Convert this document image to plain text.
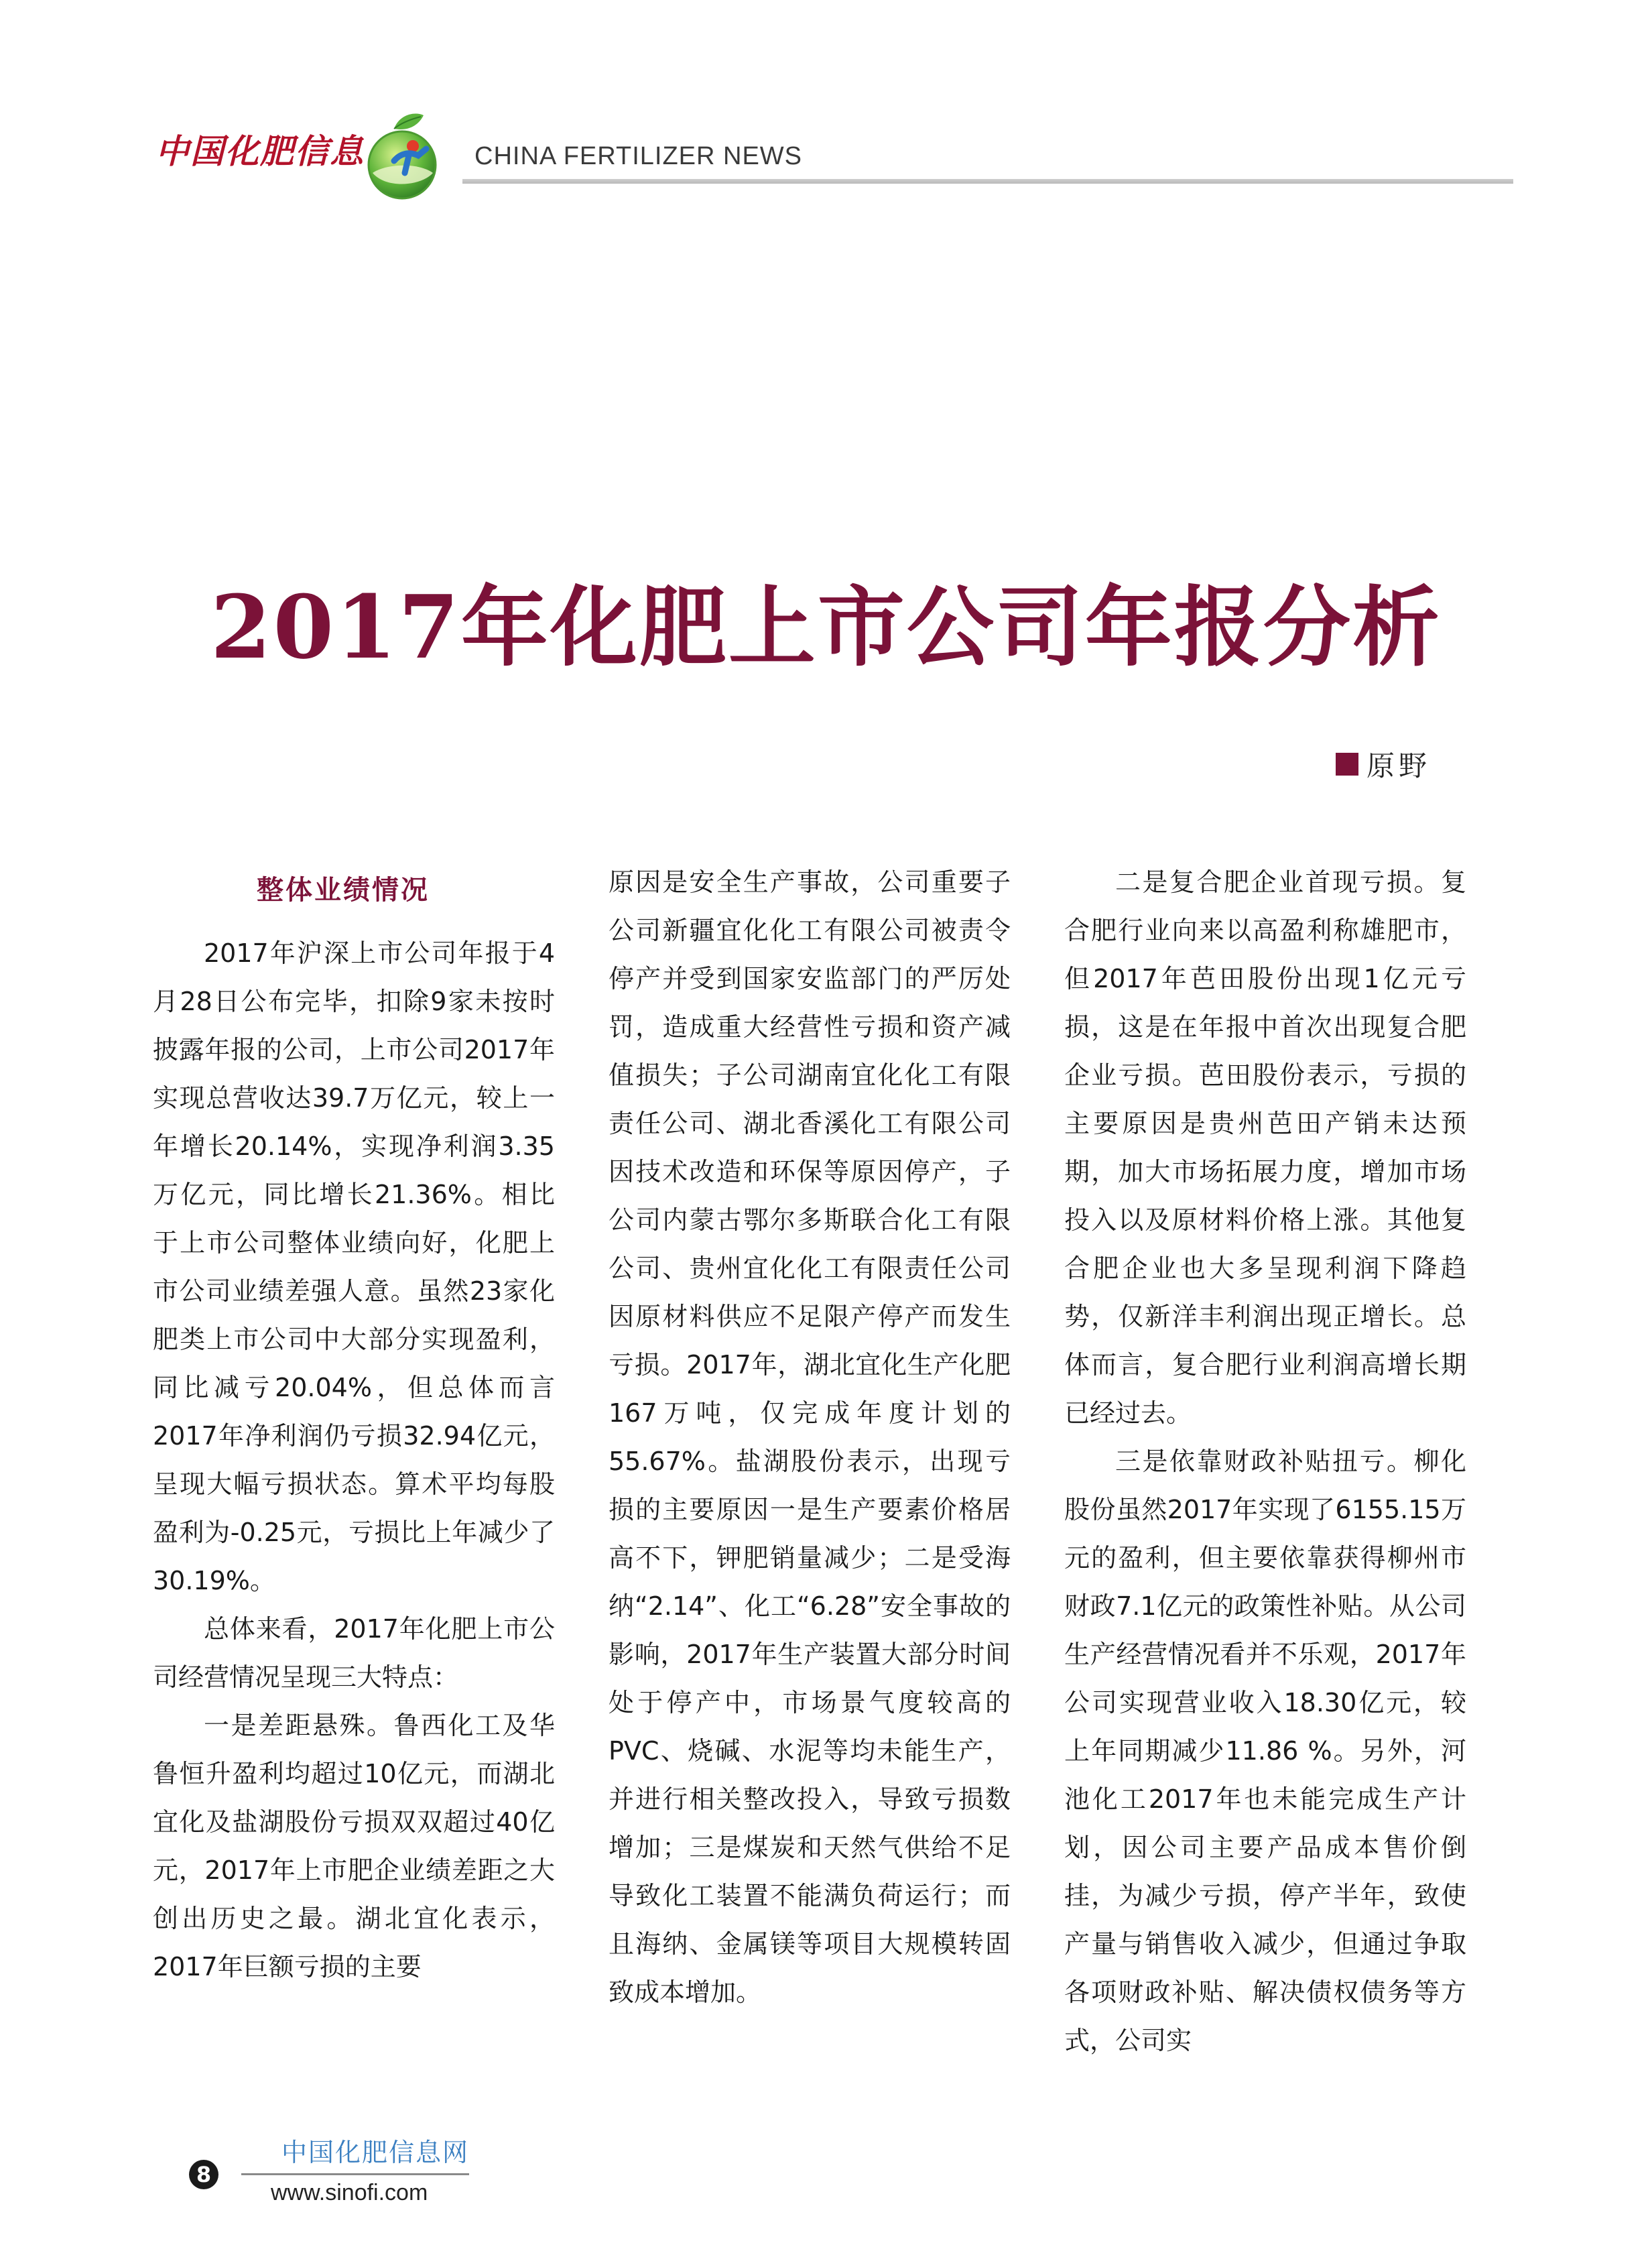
中国化肥信息	CHINA FERTILIZER NEWS
2017年化肥上市公司年报分析
原野
整体业绩情况

2017年沪深上市公司年报于4月28日公布完毕，扣除9家未按时披露年报的公司，上市公司2017年实现总营收达39.7万亿元，较上一年增长20.14%，实现净利润3.35万亿元，同比增长21.36%。相比于上市公司整体业绩向好，化肥上市公司业绩差强人意。虽然23家化肥类上市公司中大部分实现盈利，同比减亏20.04%，但总体而言2017年净利润仍亏损32.94亿元，呈现大幅亏损状态。算术平均每股盈利为-0.25元，亏损比上年减少了30.19%。

总体来看，2017年化肥上市公司经营情况呈现三大特点：

一是差距悬殊。鲁西化工及华鲁恒升盈利均超过10亿元，而湖北宜化及盐湖股份亏损双双超过40亿元，2017年上市肥企业绩差距之大创出历史之最。湖北宜化表示，2017年巨额亏损的主要

原因是安全生产事故，公司重要子公司新疆宜化化工有限公司被责令停产并受到国家安监部门的严厉处罚，造成重大经营性亏损和资产减值损失；子公司湖南宜化化工有限责任公司、湖北香溪化工有限公司因技术改造和环保等原因停产，子公司内蒙古鄂尔多斯联合化工有限公司、贵州宜化化工有限责任公司因原材料供应不足限产停产而发生亏损。2017年，湖北宜化生产化肥167万吨，仅完成年度计划的55.67%。盐湖股份表示，出现亏损的主要原因一是生产要素价格居高不下，钾肥销量减少；二是受海纳“2.14”、化工“6.28”安全事故的影响，2017年生产装置大部分时间处于停产中，市场景气度较高的PVC、烧碱、水泥等均未能生产，并进行相关整改投入，导致亏损数增加；三是煤炭和天然气供给不足导致化工装置不能满负荷运行；而且海纳、金属镁等项目大规模转固致成本增加。

二是复合肥企业首现亏损。复合肥行业向来以高盈利称雄肥市，但2017年芭田股份出现1亿元亏损，这是在年报中首次出现复合肥企业亏损。芭田股份表示，亏损的主要原因是贵州芭田产销未达预期，加大市场拓展力度，增加市场投入以及原材料价格上涨。其他复合肥企业也大多呈现利润下降趋势，仅新洋丰利润出现正增长。总体而言，复合肥行业利润高增长期已经过去。

三是依靠财政补贴扭亏。柳化股份虽然2017年实现了6155.15万元的盈利，但主要依靠获得柳州市财政7.1亿元的政策性补贴。从公司生产经营情况看并不乐观，2017年公司实现营业收入18.30亿元，较上年同期减少11.86 %。另外，河池化工2017年也未能完成生产计划，因公司主要产品成本售价倒挂，为减少亏损，停产半年，致使产量与销售收入减少，但通过争取各项财政补贴、解决债权债务等方式，公司实

8
中国化肥信息网
www.sinofi.com
